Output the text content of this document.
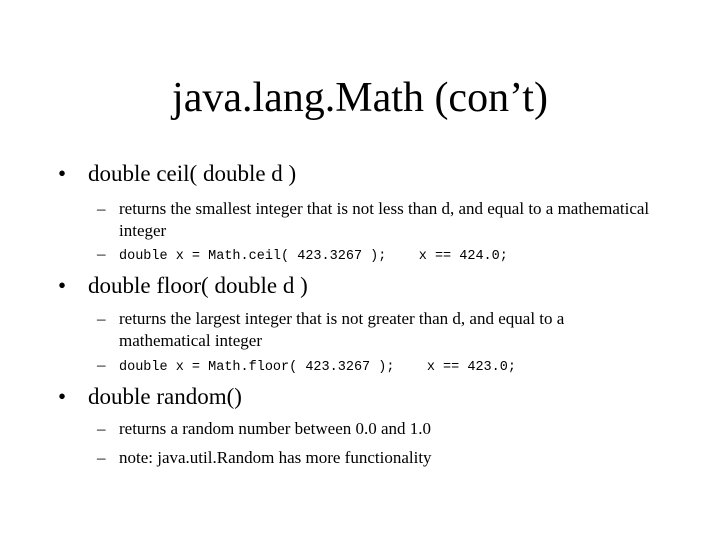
java.lang.Math (con’t)
• double ceil( double d )
– returns the smallest integer that is not less than d, and equal to a mathematical integer
– double x = Math.ceil( 423.3267 );    x == 424.0;
• double floor( double d )
– returns the largest integer that is not greater than d, and equal to a mathematical integer
– double x = Math.floor( 423.3267 );    x == 423.0;
• double random()
– returns a random number between 0.0 and 1.0
– note: java.util.Random has more functionality
